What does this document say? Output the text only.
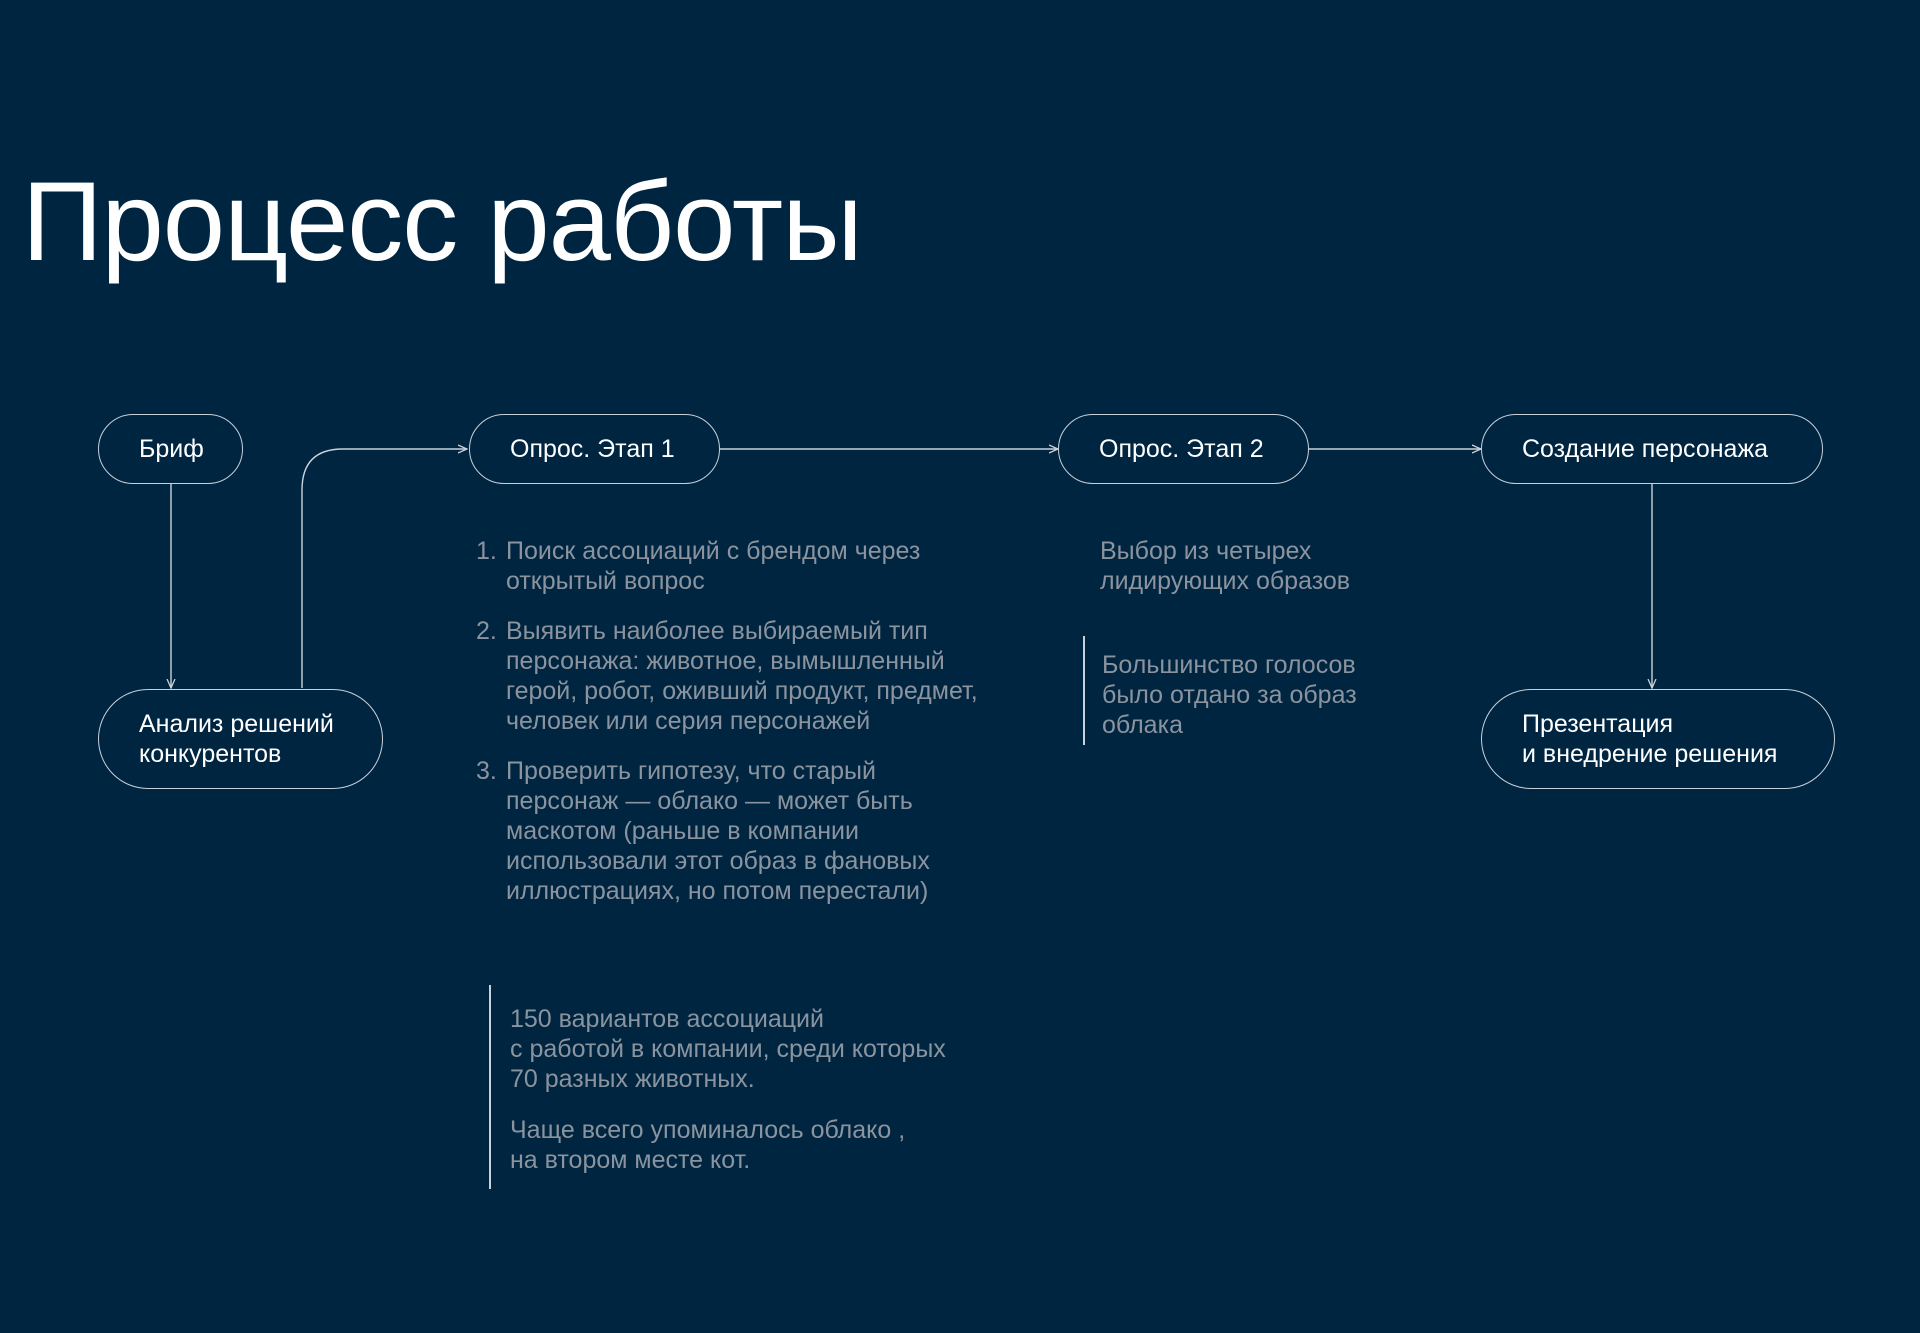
Процесс работы
Бриф
Анализ решений
конкурентов
Опрос. Этап 1	Опрос. Этап 2	Создание персонажа
Презентация
и внедрение решения
1. Поиск ассоциаций с брендом через открытый вопрос
2. Выявить наиболее выбираемый тип персонажа: животное, вымышленный герой, робот, оживший продукт, предмет, человек или серия персонажей
3. Проверить гипотезу, что старый персонаж — облако — может быть маскотом (раньше в компании использовали этот образ в фановых иллюстрациях, но потом перестали)

150 вариантов ассоциаций
с работой в компании, среди которых
70 разных животных.

Чаще всего упоминалось облако ,
на втором месте кот.

Выбор из четырех
лидирующих образов
Большинство голосов
было отдано за образ
облака
